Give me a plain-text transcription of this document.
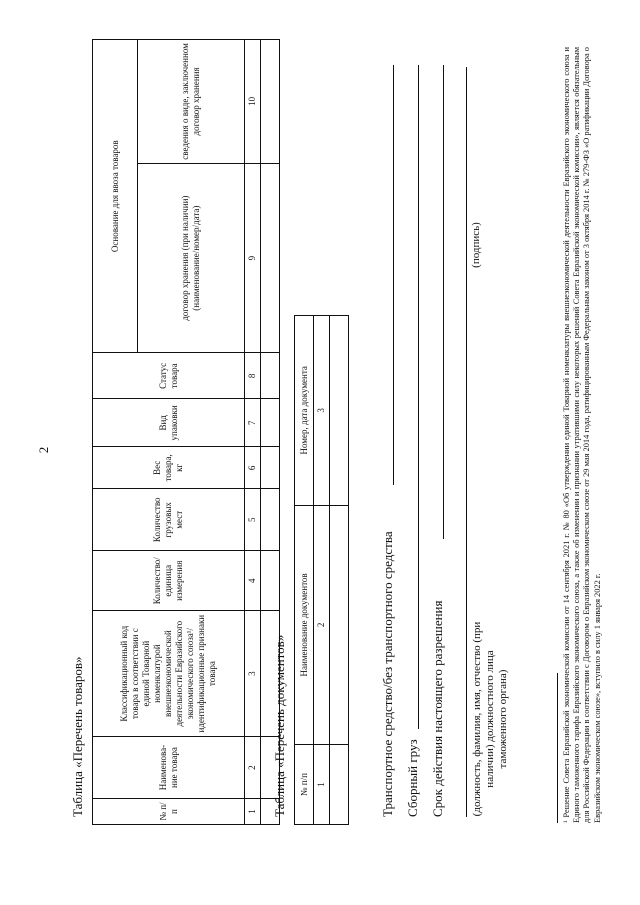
2
Таблица «Перечень товаров»	№ п/п	Наименова-ние товара	Классификационный код товара в соответствии с единой Товарной номенклатурой внешнеэкономической деятельности Евразийского экономического союза¹/ идентификационные признаки товара	Количество/ единица измерения	Количество грузовых мест	Вес товара, кг	Вид упаковки	Статус товара	Основание для ввоза товаров	
								договор хранения (при наличии) (наименование/номер/дата)	сведения о виде, заключенном договор хранения
1	2	3	4	5	6	7	8	9	10

Таблица «Перечень документов» № п/п	Наименование документов	Номер, дата документа
1	2	3

Транспортное средство/без транспортного средства Сборный груз Срок действия настоящего разрешения (должность, фамилия, имя, отчество (при наличии) должностного лица таможенного органа)
(подпись)	¹ Решение Совета Евразийской экономической комиссии от 14 сентября 2021 г. № 80 «Об утверждении единой Товарной номенклатуры внешнеэкономической деятельности Евразийского экономического союза и Единого таможенного тарифа Евразийского экономического союза, а также об изменении и признании утратившими силу некоторых решений Совета Евразийской экономической комиссии», является обязательным для Российской Федерации в соответствии с Договором о Евразийском экономическом союзе от 29 мая 2014 года, ратифицированным Федеральным законом от 3 октября 2014 г. № 279-ФЗ «О ратификации Договора о Евразийском экономическом союзе», вступило в силу 1 января 2022 г.
